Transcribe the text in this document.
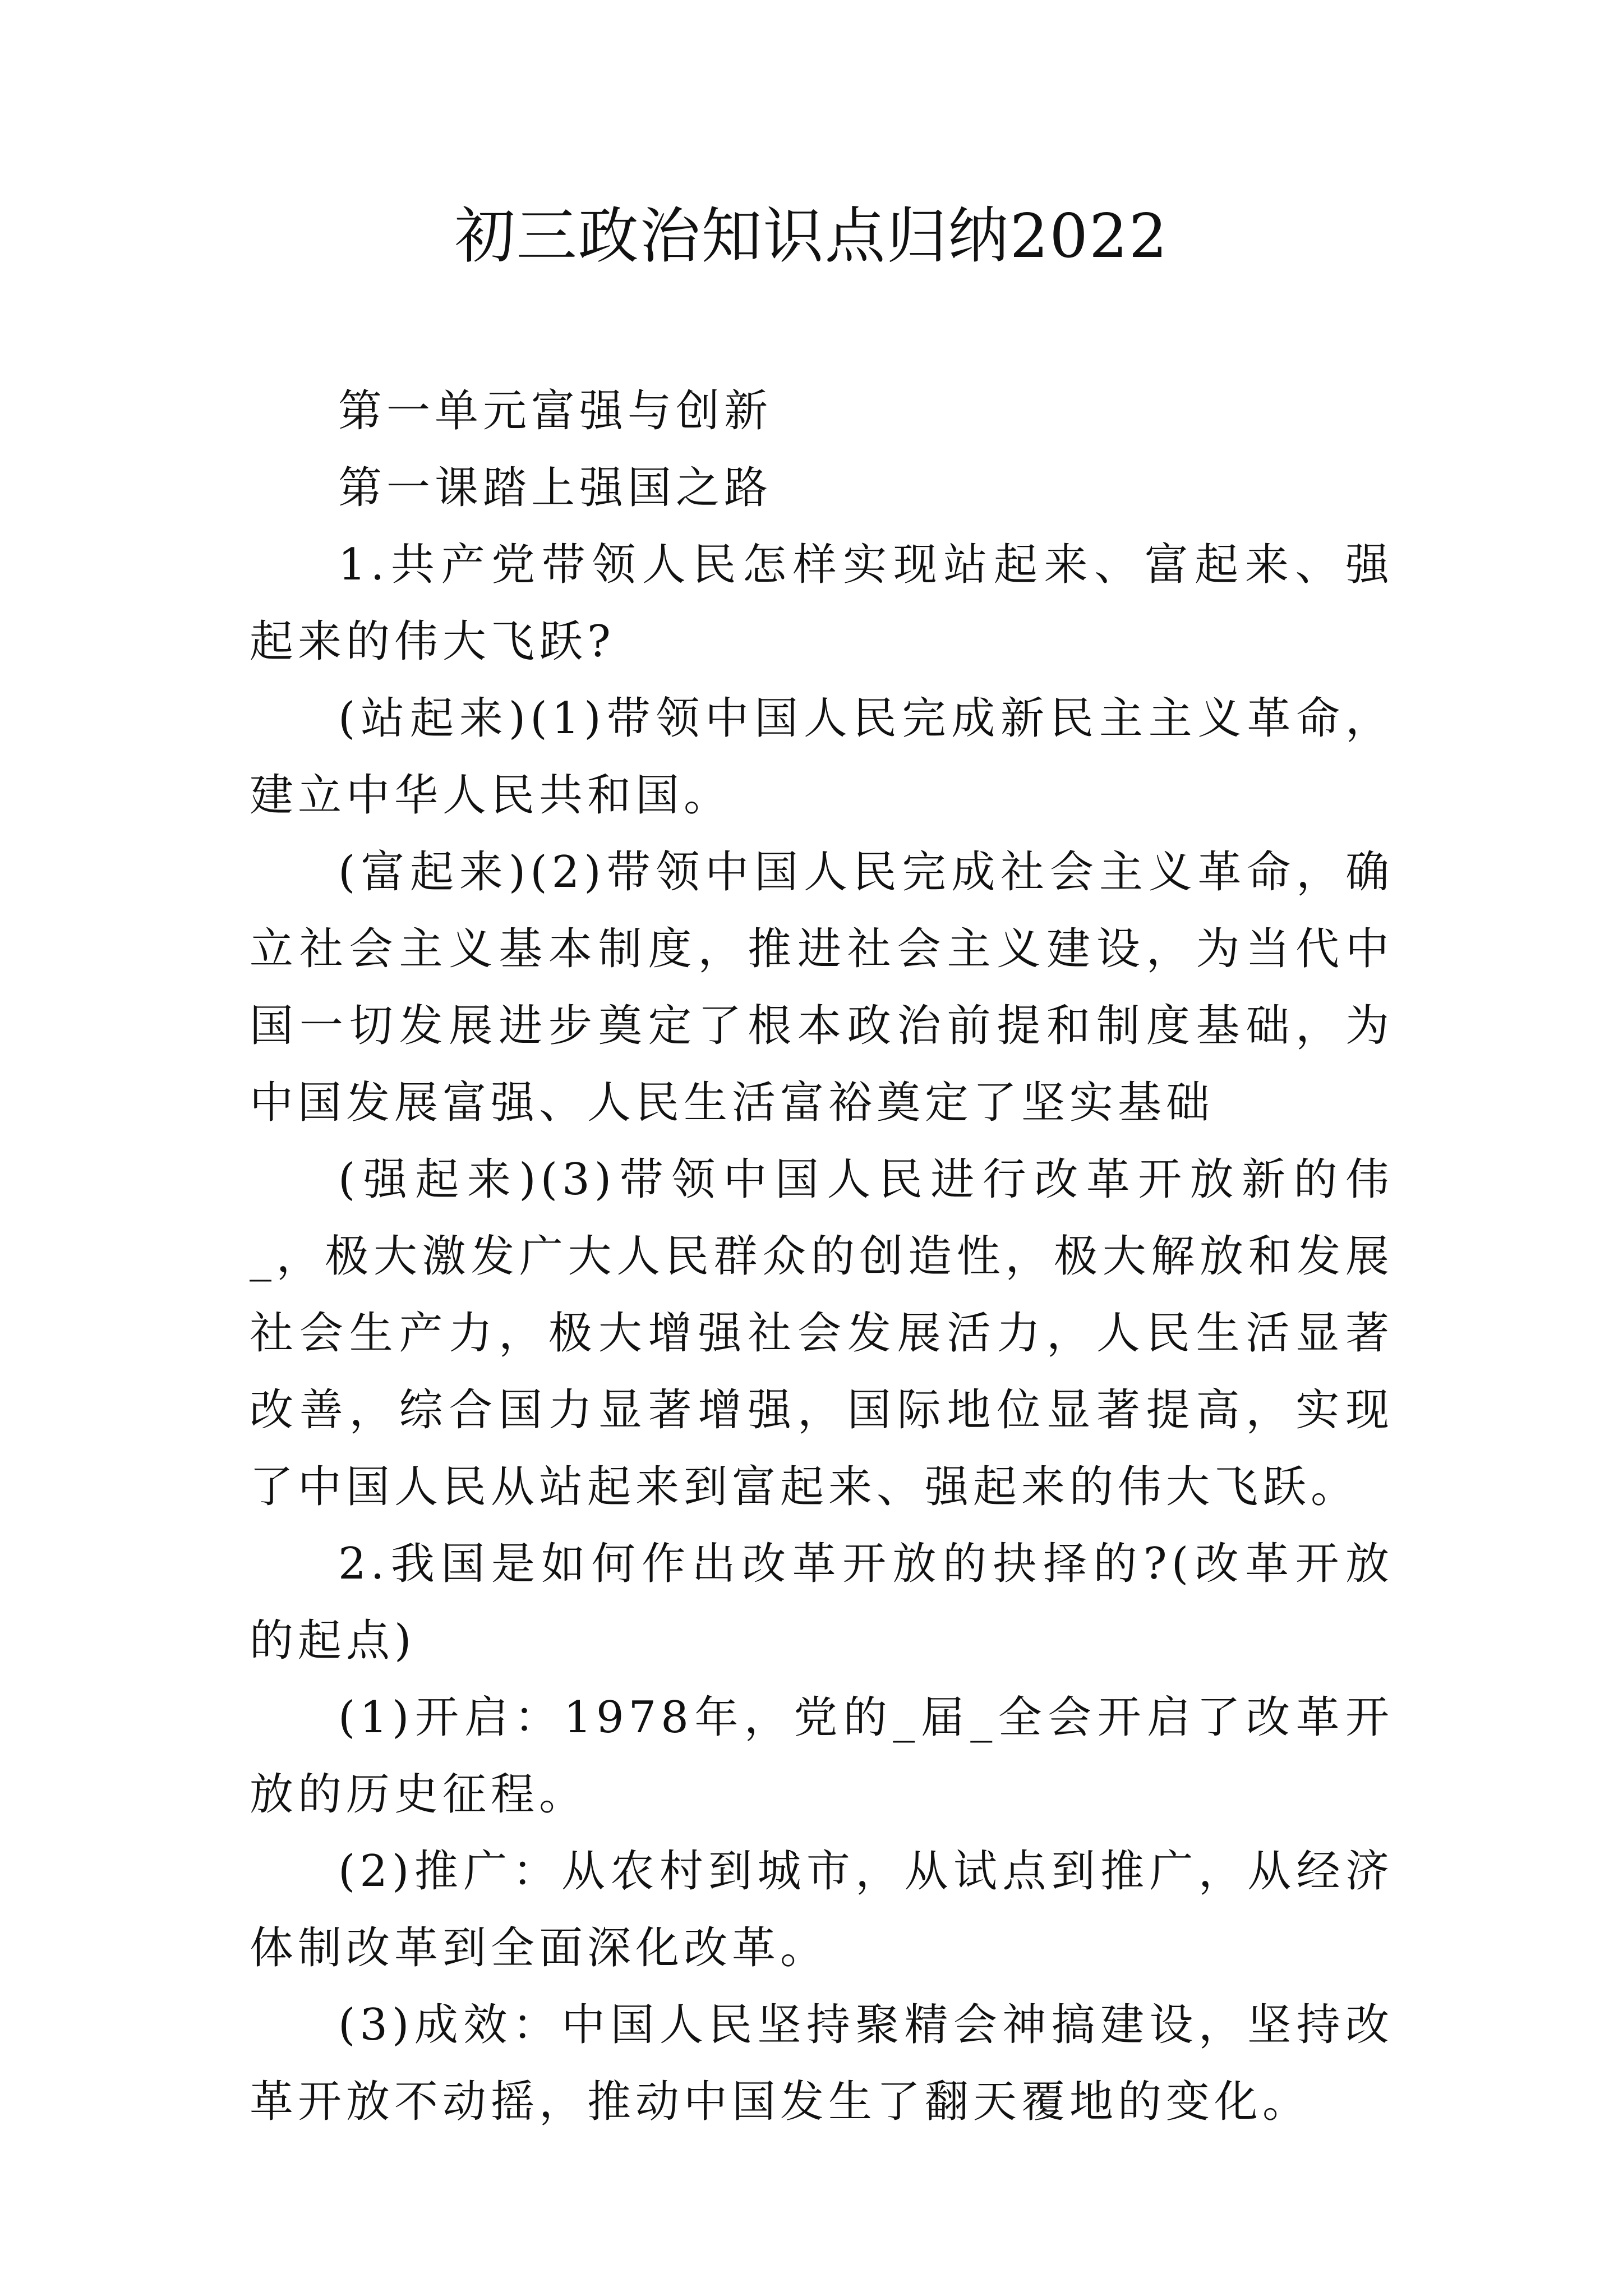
初三政治知识点归纳2022

第一单元富强与创新

第一课踏上强国之路

1.共产党带领人民怎样实现站起来、富起来、强起来的伟大飞跃?

(站起来)(1)带领中国人民完成新民主主义革命，建立中华人民共和国。

(富起来)(2)带领中国人民完成社会主义革命，确立社会主义基本制度，推进社会主义建设，为当代中国一切发展进步奠定了根本政治前提和制度基础，为中国发展富强、人民生活富裕奠定了坚实基础

(强起来)(3)带领中国人民进行改革开放新的伟_，极大激发广大人民群众的创造性，极大解放和发展社会生产力，极大增强社会发展活力，人民生活显著改善，综合国力显著增强，国际地位显著提高，实现了中国人民从站起来到富起来、强起来的伟大飞跃。

2.我国是如何作出改革开放的抉择的?(改革开放的起点)

(1)开启：1978年，党的_届_全会开启了改革开放的历史征程。

(2)推广：从农村到城市，从试点到推广，从经济体制改革到全面深化改革。

(3)成效：中国人民坚持聚精会神搞建设，坚持改革开放不动摇，推动中国发生了翻天覆地的变化。
